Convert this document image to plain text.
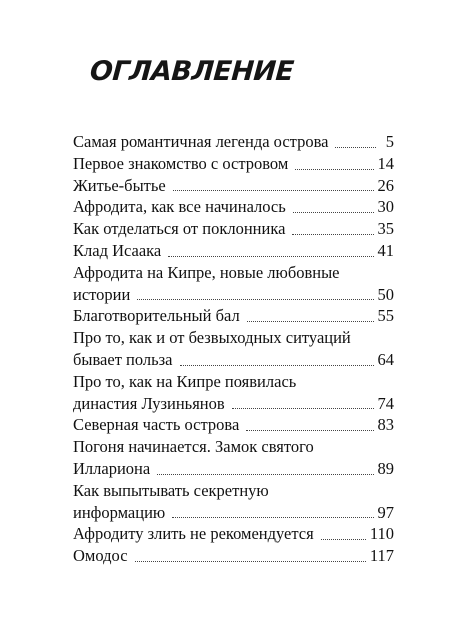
ОГЛАВЛЕНИЕ
Самая романтичная легенда острова	5
Первое знакомство с островом	14
Житье-бытье	26
Афродита, как все начиналось	30
Как отделаться от поклонника	35
Клад Исаака	41
Афродита на Кипре, новые любовные
истории	50
Благотворительный бал	55
Про то, как и от безвыходных ситуаций
бывает польза	64
Про то, как на Кипре появилась
династия Лузиньянов	74
Северная часть острова	83
Погоня начинается. Замок святого
Иллариона	89
Как выпытывать секретную
информацию	97
Афродиту злить не рекомендуется	110
Омодос	117
